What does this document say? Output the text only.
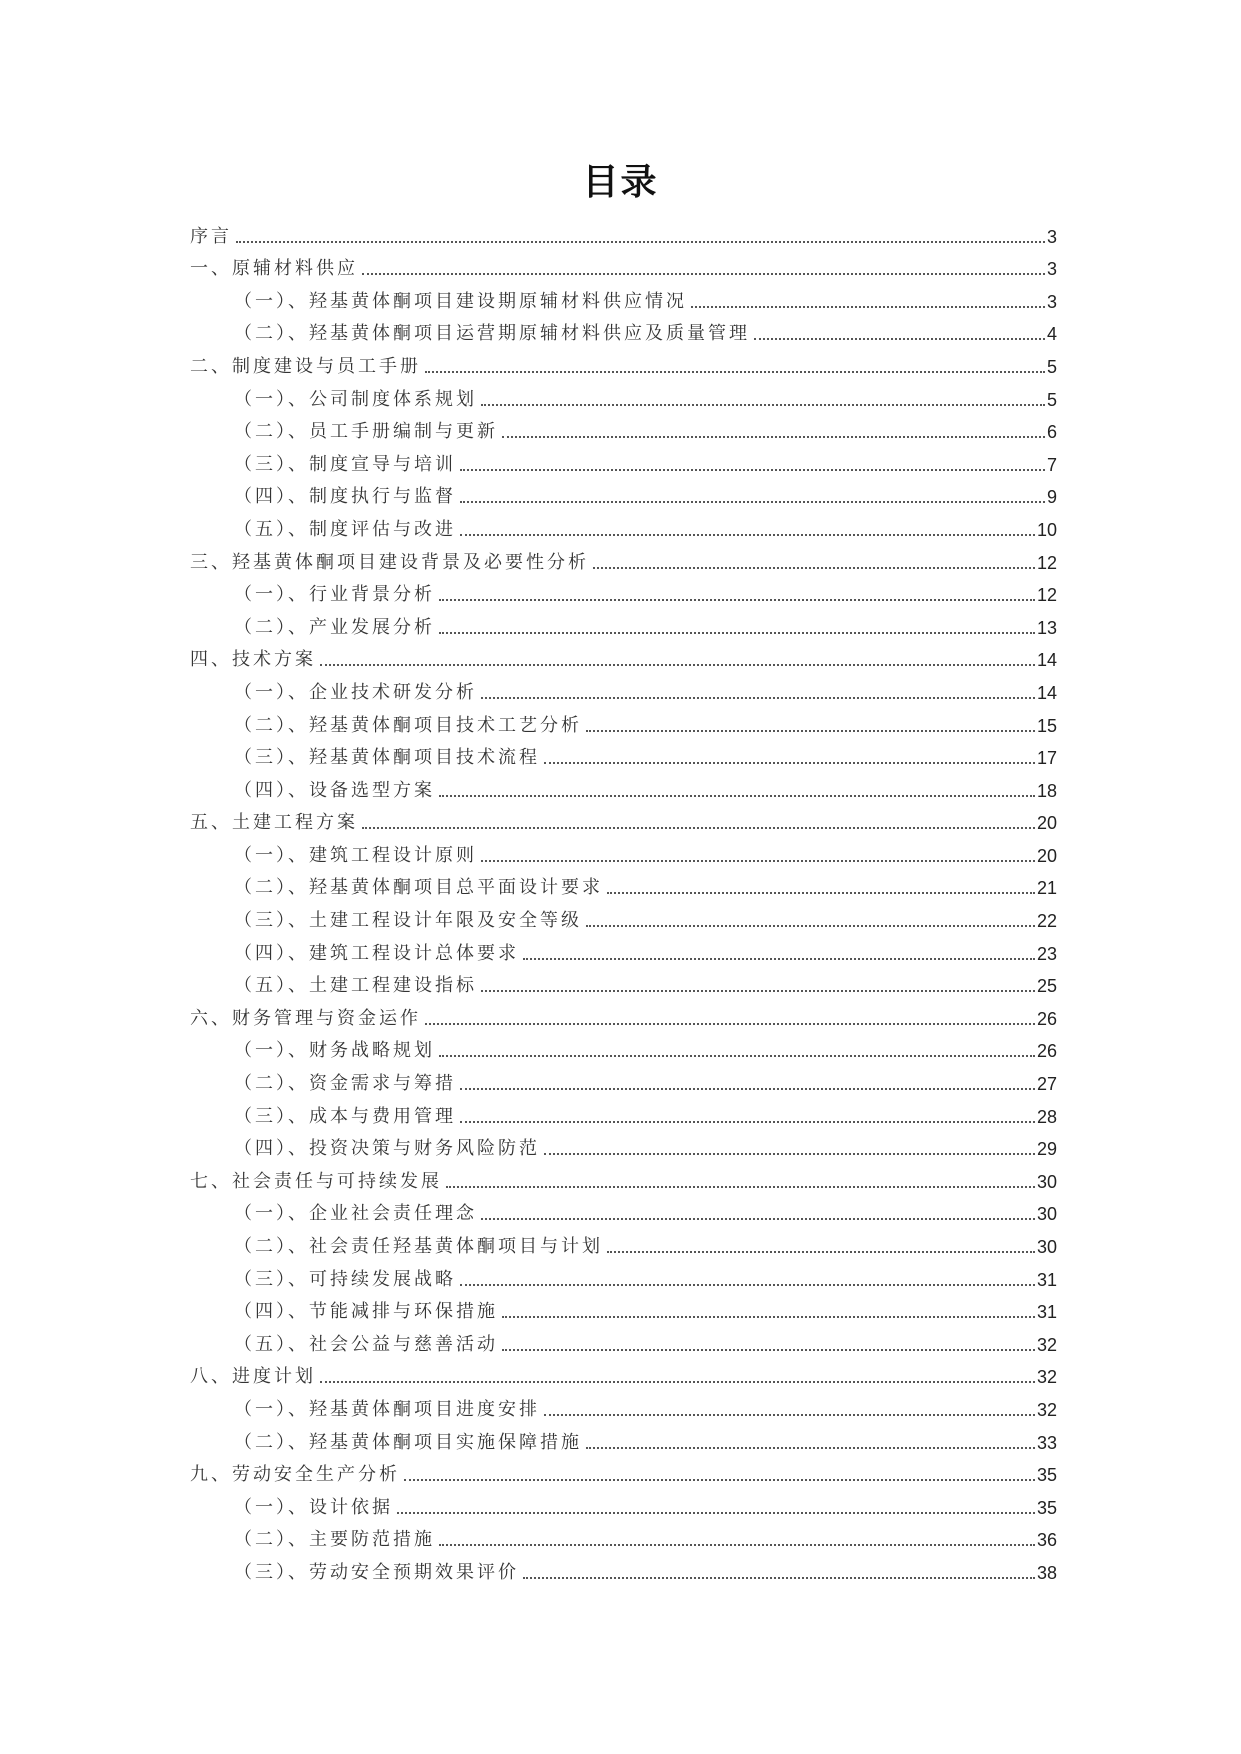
目录
序言	3
一、原辅材料供应	3
（一）、羟基黄体酮项目建设期原辅材料供应情况	3
（二）、羟基黄体酮项目运营期原辅材料供应及质量管理	4
二、制度建设与员工手册	5
（一）、公司制度体系规划	5
（二）、员工手册编制与更新	6
（三）、制度宣导与培训	7
（四）、制度执行与监督	9
（五）、制度评估与改进	10
三、羟基黄体酮项目建设背景及必要性分析	12
（一）、行业背景分析	12
（二）、产业发展分析	13
四、技术方案	14
（一）、企业技术研发分析	14
（二）、羟基黄体酮项目技术工艺分析	15
（三）、羟基黄体酮项目技术流程	17
（四）、设备选型方案	18
五、土建工程方案	20
（一）、建筑工程设计原则	20
（二）、羟基黄体酮项目总平面设计要求	21
（三）、土建工程设计年限及安全等级	22
（四）、建筑工程设计总体要求	23
（五）、土建工程建设指标	25
六、财务管理与资金运作	26
（一）、财务战略规划	26
（二）、资金需求与筹措	27
（三）、成本与费用管理	28
（四）、投资决策与财务风险防范	29
七、社会责任与可持续发展	30
（一）、企业社会责任理念	30
（二）、社会责任羟基黄体酮项目与计划	30
（三）、可持续发展战略	31
（四）、节能减排与环保措施	31
（五）、社会公益与慈善活动	32
八、进度计划	32
（一）、羟基黄体酮项目进度安排	32
（二）、羟基黄体酮项目实施保障措施	33
九、劳动安全生产分析	35
（一）、设计依据	35
（二）、主要防范措施	36
（三）、劳动安全预期效果评价	38
